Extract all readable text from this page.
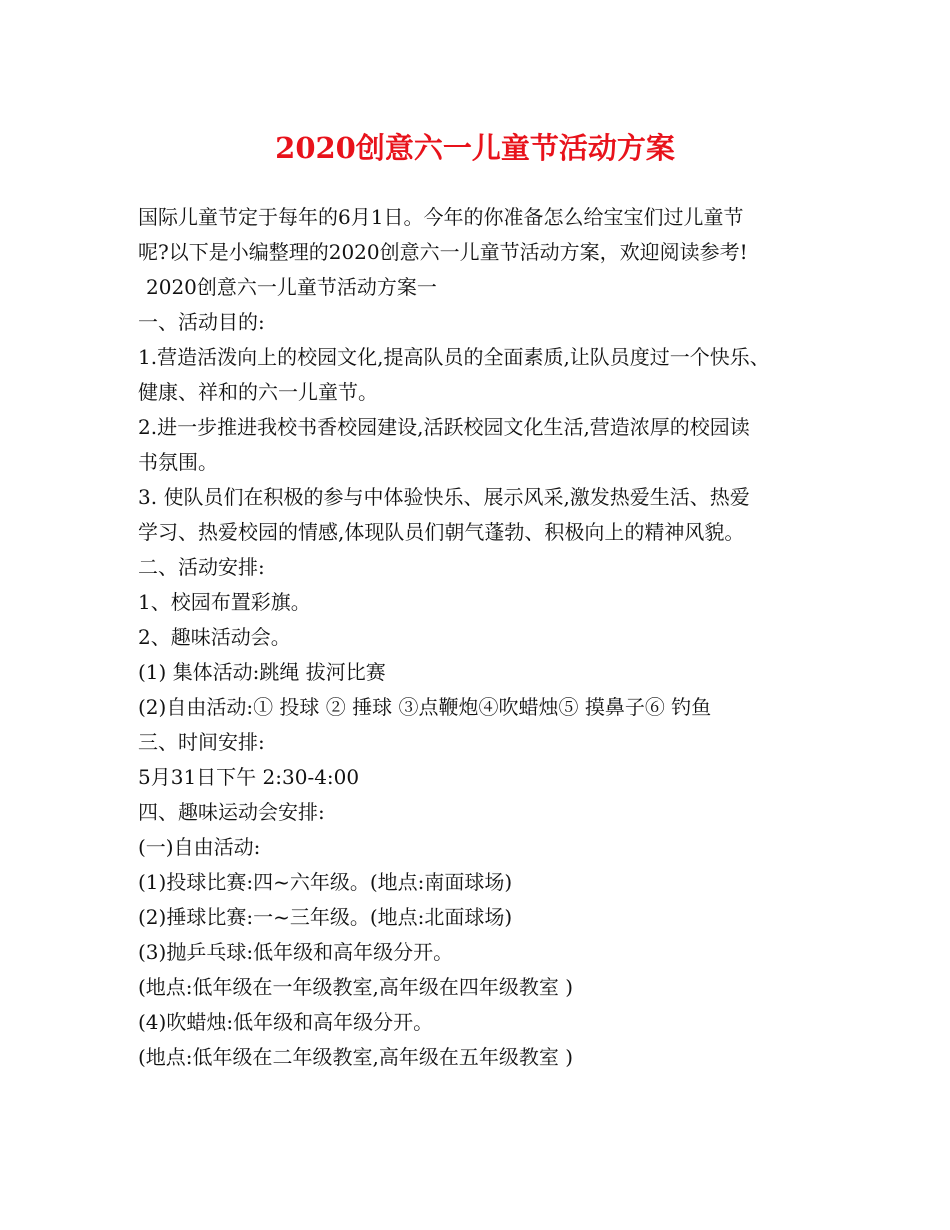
2020创意六一儿童节活动方案

国际儿童节定于每年的6月1日。今年的你准备怎么给宝宝们过儿童节

呢?以下是小编整理的2020创意六一儿童节活动方案，欢迎阅读参考!

2020创意六一儿童节活动方案一

一、活动目的:

1.营造活泼向上的校园文化,提高队员的全面素质,让队员度过一个快乐、

健康、祥和的六一儿童节。

2.进一步推进我校书香校园建设,活跃校园文化生活,营造浓厚的校园读

书氛围。

3. 使队员们在积极的参与中体验快乐、展示风采,激发热爱生活、热爱

学习、热爱校园的情感,体现队员们朝气蓬勃、积极向上的精神风貌。

二、活动安排:

1、校园布置彩旗。

2、趣味活动会。

(1) 集体活动:跳绳 拔河比赛

(2)自由活动:① 投球 ② 捶球 ③点鞭炮④吹蜡烛⑤ 摸鼻子⑥ 钓鱼

三、时间安排:

5月31日下午 2:30-4:00

四、趣味运动会安排:

(一)自由活动:

(1)投球比赛:四~六年级。(地点:南面球场)

(2)捶球比赛:一~三年级。(地点:北面球场)

(3)抛乒乓球:低年级和高年级分开。

(地点:低年级在一年级教室,高年级在四年级教室 )

(4)吹蜡烛:低年级和高年级分开。

(地点:低年级在二年级教室,高年级在五年级教室 )
